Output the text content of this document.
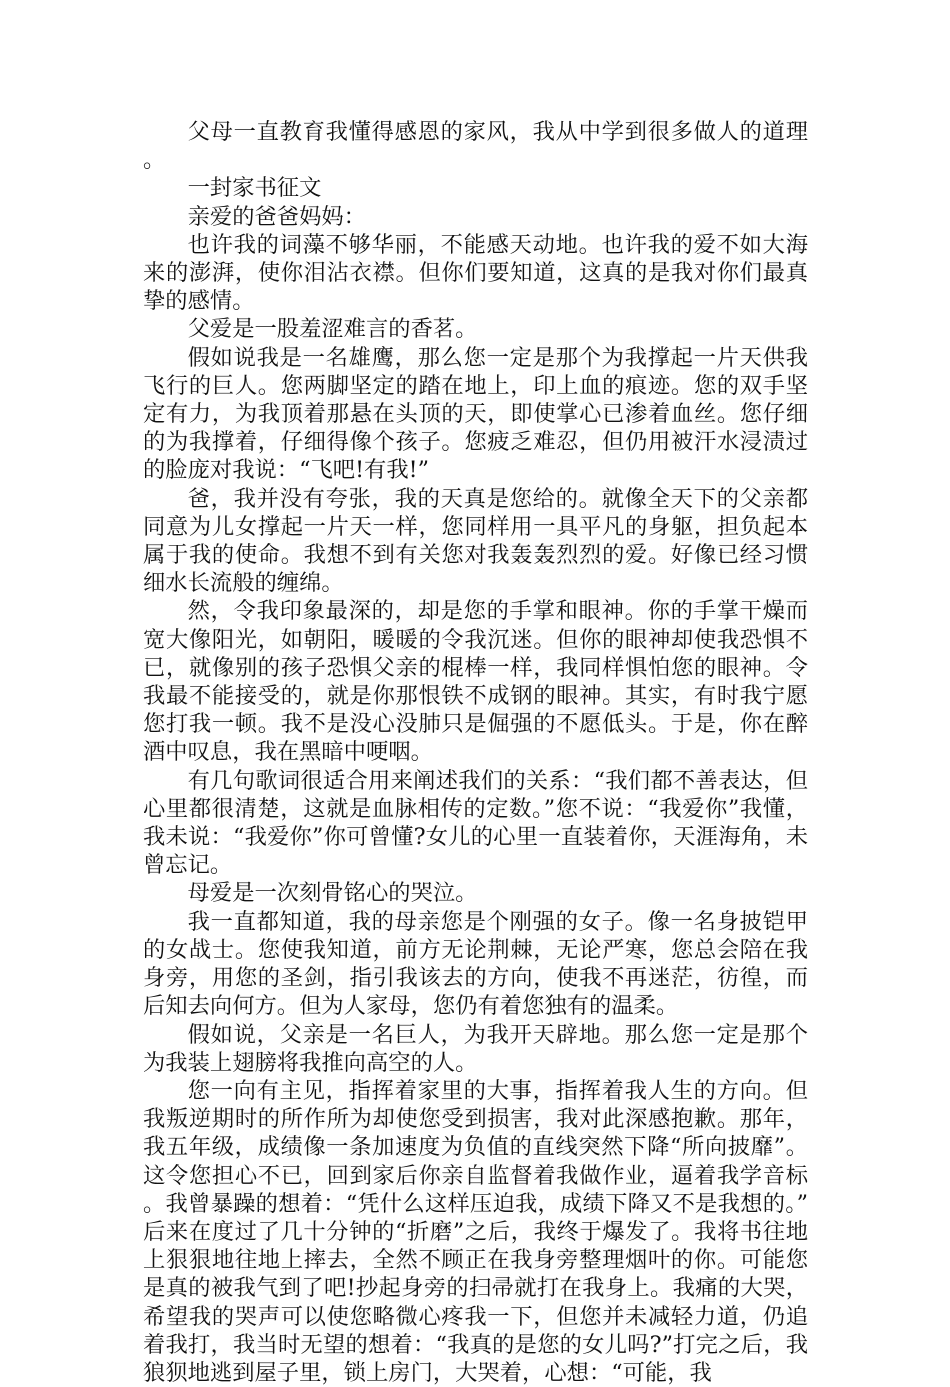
父母一直教育我懂得感恩的家风，我从中学到很多做人的道理。

一封家书征文

亲爱的爸爸妈妈：

也许我的词藻不够华丽，不能感天动地。也许我的爱不如大海来的澎湃，使你泪沾衣襟。但你们要知道，这真的是我对你们最真挚的感情。

父爱是一股羞涩难言的香茗。

假如说我是一名雄鹰，那么您一定是那个为我撑起一片天供我飞行的巨人。您两脚坚定的踏在地上，印上血的痕迹。您的双手坚定有力，为我顶着那悬在头顶的天，即使掌心已渗着血丝。您仔细的为我撑着，仔细得像个孩子。您疲乏难忍，但仍用被汗水浸渍过的脸庞对我说：“飞吧!有我!”

爸，我并没有夸张，我的天真是您给的。就像全天下的父亲都同意为儿女撑起一片天一样，您同样用一具平凡的身躯，担负起本属于我的使命。我想不到有关您对我轰轰烈烈的爱。好像已经习惯细水长流般的缠绵。

然，令我印象最深的，却是您的手掌和眼神。你的手掌干燥而宽大像阳光，如朝阳，暖暖的令我沉迷。但你的眼神却使我恐惧不已，就像别的孩子恐惧父亲的棍棒一样，我同样惧怕您的眼神。令我最不能接受的，就是你那恨铁不成钢的眼神。其实，有时我宁愿您打我一顿。我不是没心没肺只是倔强的不愿低头。于是，你在醉酒中叹息，我在黑暗中哽咽。

有几句歌词很适合用来阐述我们的关系：“我们都不善表达，但心里都很清楚，这就是血脉相传的定数。”您不说：“我爱你”我懂，我未说：“我爱你”你可曾懂?女儿的心里一直装着你，天涯海角，未曾忘记。

母爱是一次刻骨铭心的哭泣。

我一直都知道，我的母亲您是个刚强的女子。像一名身披铠甲的女战士。您使我知道，前方无论荆棘，无论严寒，您总会陪在我身旁，用您的圣剑，指引我该去的方向，使我不再迷茫，彷徨，而后知去向何方。但为人家母，您仍有着您独有的温柔。

假如说，父亲是一名巨人，为我开天辟地。那么您一定是那个为我装上翅膀将我推向高空的人。

您一向有主见，指挥着家里的大事，指挥着我人生的方向。但我叛逆期时的所作所为却使您受到损害，我对此深感抱歉。那年，我五年级，成绩像一条加速度为负值的直线突然下降“所向披靡”。这令您担心不已，回到家后你亲自监督着我做作业，逼着我学音标。我曾暴躁的想着：“凭什么这样压迫我，成绩下降又不是我想的。”后来在度过了几十分钟的“折磨”之后，我终于爆发了。我将书往地上狠狠地往地上摔去，全然不顾正在我身旁整理烟叶的你。可能您是真的被我气到了吧!抄起身旁的扫帚就打在我身上。我痛的大哭，希望我的哭声可以使您略微心疼我一下，但您并未减轻力道，仍追着我打，我当时无望的想着：“我真的是您的女儿吗?”打完之后，我狼狈地逃到屋子里，锁上房门，大哭着，心想：“可能，我
